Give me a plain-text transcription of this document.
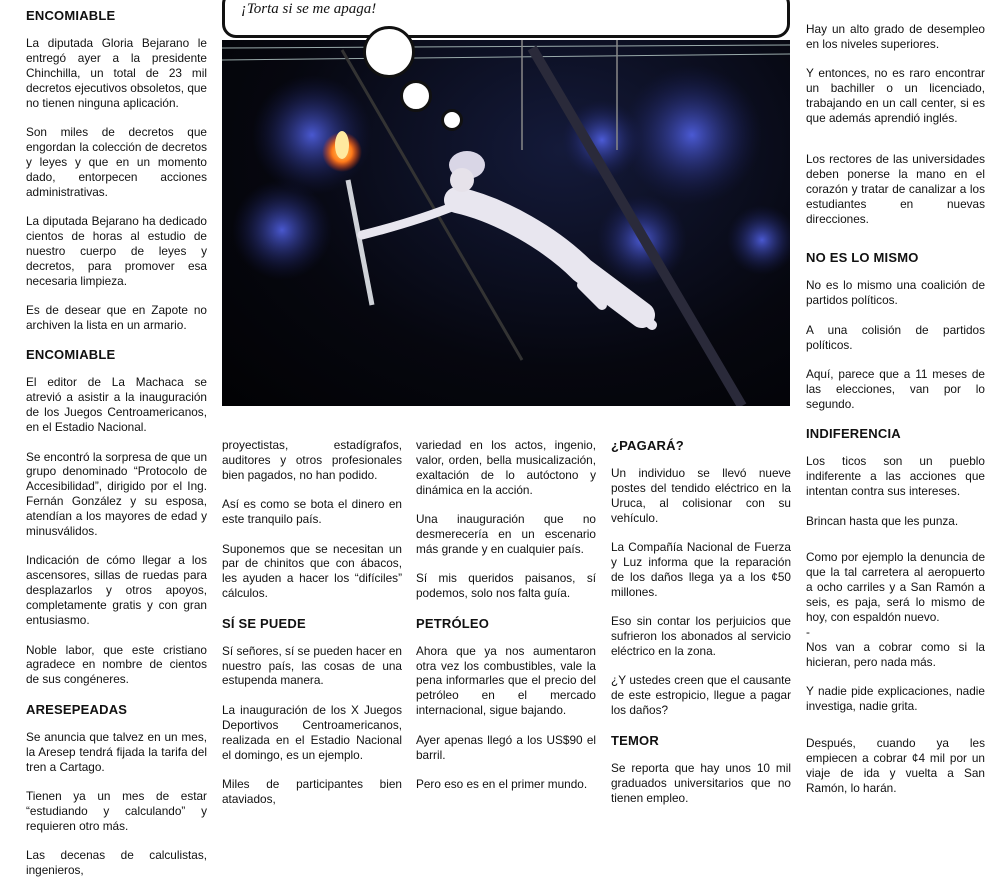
ENCOMIABLE

La diputada Gloria Bejarano le entregó ayer a la presidente Chinchilla, un total de 23 mil decretos ejecutivos obsoletos, que no tienen ninguna aplicación.

Son miles de decretos que engordan la colección de decretos y leyes y que en un momento dado, entorpecen acciones administrativas.

La diputada Bejarano ha dedicado cientos de horas al estudio de nuestro cuerpo de leyes y decretos, para promover esa necesaria limpieza.

Es de desear que en Zapote no archiven la lista en un armario.

ENCOMIABLE

El editor de La Machaca se atrevió a asistir a la inauguración de los Juegos Centroamericanos, en el Estadio Nacional.

Se encontró la sorpresa de que un grupo denominado “Protocolo de Accesibilidad”, dirigido por el Ing. Fernán González y su esposa, atendían a los mayores de edad y minusválidos.

Indicación de cómo llegar a los ascensores, sillas de ruedas para desplazarlos y otros apoyos, completamente gratis y con gran entusiasmo.

Noble labor, que este cristiano agradece en nombre de cientos de sus congéneres.

ARESEPEADAS

Se anuncia que talvez en un mes, la Aresep tendrá fijada la tarifa del tren a Cartago.

Tienen ya un mes de estar “estudiando y calculando” y requieren otro más.

Las decenas de calculistas, ingenieros,

¡Torta si se me apaga!

proyectistas, estadígrafos, auditores y otros profesionales bien pagados, no han podido.

Así es como se bota el dinero en este tranquilo país.

Suponemos que se necesitan un par de chinitos que con ábacos, les ayuden a hacer los “difíciles” cálculos.

SÍ SE PUEDE

Sí señores, sí se pueden hacer en nuestro país, las cosas de una estupenda manera.

La inauguración de los X Juegos Deportivos Centroamericanos, realizada en el Estadio Nacional el domingo, es un ejemplo.

Miles de participantes bien ataviados,

variedad en los actos, ingenio, valor, orden, bella musicalización, exaltación de lo autóctono y dinámica en la acción.

Una inauguración que no desmerecería en un escenario más grande y en cualquier país.

Sí mis queridos paisanos, sí podemos, solo nos falta guía.

PETRÓLEO

Ahora que ya nos aumentaron otra vez los combustibles, vale la pena informarles que el precio del petróleo en el mercado internacional, sigue bajando.

Ayer apenas llegó a los US$90 el barril.

Pero eso es en el primer mundo.

¿PAGARÁ?

Un individuo se llevó nueve postes del tendido eléctrico en la Uruca, al colisionar con su vehículo.

La Compañía Nacional de Fuerza y Luz informa que la reparación de los daños llega ya a los ¢50 millones.

Eso sin contar los perjuicios que sufrieron los abonados al servicio eléctrico en la zona.

¿Y ustedes creen que el causante de este estropicio, llegue a pagar los daños?

TEMOR

Se reporta que hay unos 10 mil graduados universitarios que no tienen empleo.

Hay un alto grado de desempleo en los niveles superiores.

Y entonces, no es raro encontrar un bachiller o un licenciado, trabajando en un call center, si es que además aprendió inglés.

Los rectores de las universidades deben ponerse la mano en el corazón y tratar de canalizar a los estudiantes en nuevas direcciones.

NO ES LO MISMO

No es lo mismo una coalición de partidos políticos.

A una colisión de partidos políticos.

Aquí, parece que a 11 meses de las elecciones, van por lo segundo.

INDIFERENCIA

Los ticos son un pueblo indiferente a las acciones que intentan contra sus intereses.

Brincan hasta que les punza.

Como por ejemplo la denuncia de que la tal carretera al aeropuerto a ocho carriles y a San Ramón a seis, es paja, será lo mismo de hoy, con espaldón nuevo.

-

Nos van a cobrar como si la hicieran, pero nada más.

Y nadie pide explicaciones, nadie investiga, nadie grita.

Después, cuando ya les empiecen a cobrar ¢4 mil por un viaje de ida y vuelta a San Ramón, lo harán.
